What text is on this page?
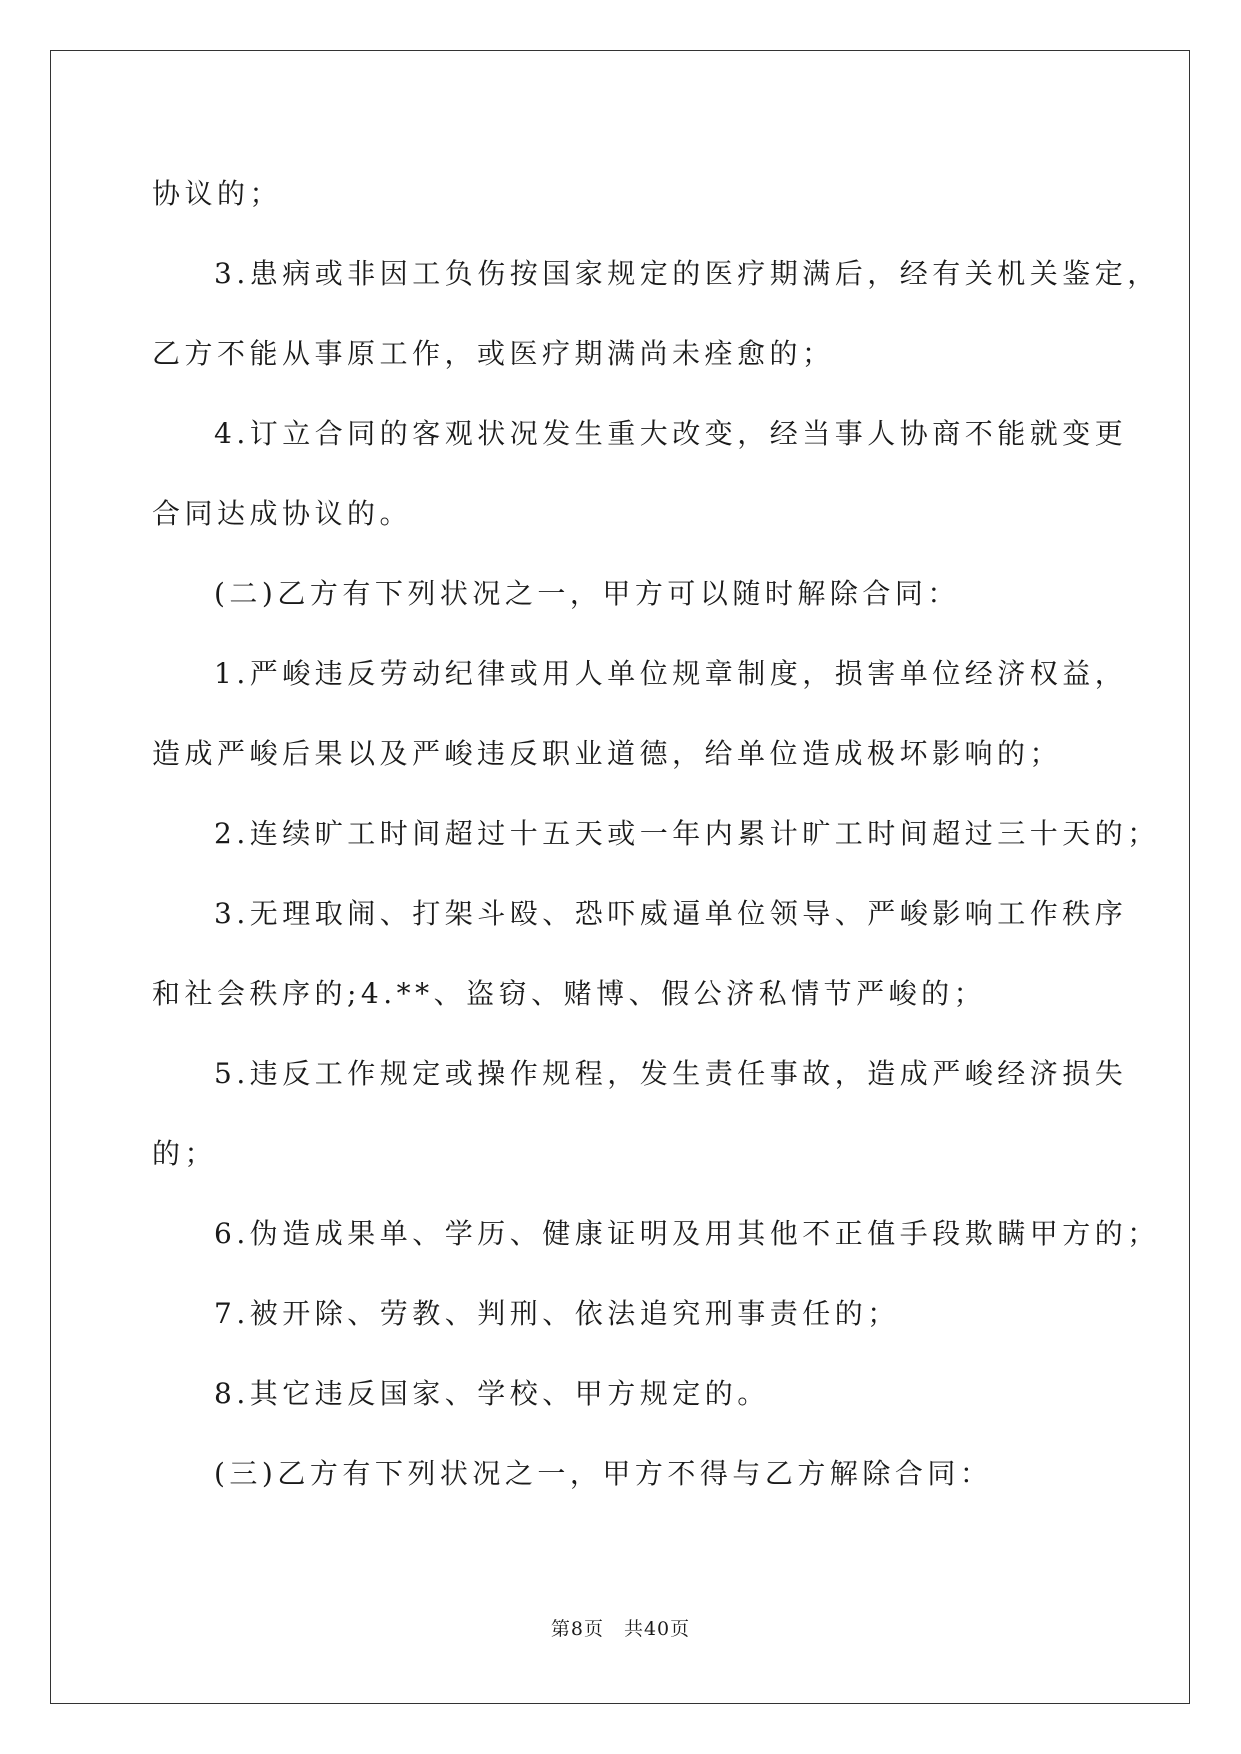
协议的；

3.患病或非因工负伤按国家规定的医疗期满后，经有关机关鉴定，

乙方不能从事原工作，或医疗期满尚未痊愈的；

4.订立合同的客观状况发生重大改变，经当事人协商不能就变更

合同达成协议的。

(二)乙方有下列状况之一，甲方可以随时解除合同：

1.严峻违反劳动纪律或用人单位规章制度，损害单位经济权益，

造成严峻后果以及严峻违反职业道德，给单位造成极坏影响的；

2.连续旷工时间超过十五天或一年内累计旷工时间超过三十天的；

3.无理取闹、打架斗殴、恐吓威逼单位领导、严峻影响工作秩序

和社会秩序的;4.**、盗窃、赌博、假公济私情节严峻的；

5.违反工作规定或操作规程，发生责任事故，造成严峻经济损失

的；

6.伪造成果单、学历、健康证明及用其他不正值手段欺瞒甲方的；

7.被开除、劳教、判刑、依法追究刑事责任的；

8.其它违反国家、学校、甲方规定的。

(三)乙方有下列状况之一，甲方不得与乙方解除合同：

第8页　共40页
